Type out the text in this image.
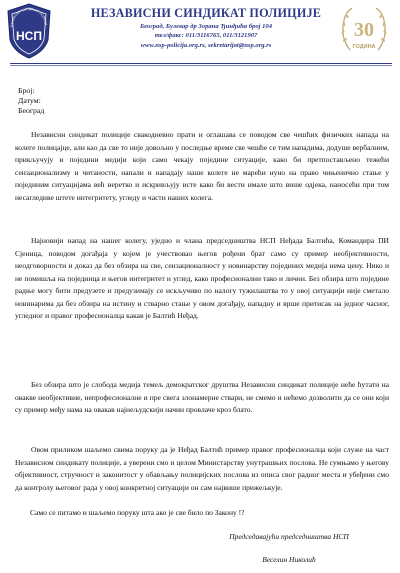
ЕЗАВИСНИ СИНДИКАТ ПОЛИЦИ
НСП
НЕЗАВИСНИ СИНДИКАТ ПОЛИЦИЈЕ
Београд, Булевар др Зорана Ђинђића број 104
тел/факс: 011/3116765, 011/3121907
www.nsp-policija.org.rs, sekretarijat@nsp.org.rs
30
ГОДИНА
Број:
Датум:
Београд

Независни синдикат полиције свакодневно прати и оглашава се поводом све чешћих физичких напада на колеге полицајце, али као да све то није довољно у последње време све чешће се тим нападима, додуше вербалним, прикључују и поједини медији који само чекају поједине ситуације, како би претпостављено тежећи сензационализму и читаности, напали и нападају наше колеге не марећи нуно на право чињенично стање у појединим ситуацијама већ неретко и искривљују исте како би вести имале што више одјека, наносећи при том несагледиве штете интегритету, угледу и части наших колега.

Најновији напад на нашег колегу, уједно и члана председништва НСП Неђада Балтића, Командира ПИ Сјеница, поводом догађаја у којем је учествовао његов рођени брат само су пример необјективности, неодговорности и доказ да без обзира на све, сензационалност у новинарству појединих медија нема цену. Нико и не помишља на појединца и његов интегритет и углед, како професионални тако и лични. Без обзира што поједине радње могу бити предузете и предузимају се искључиво по налогу тужилаштва то у овој ситуацији није сметало новинарима да без обзира на истину и стварно стање у овом догађају, нападну и врше притисак на једног часног, угледног и правог професионалца какав је Балтић Неђад.

Без обзира што је слобода медија темељ демократског друштва Независни синдикат полиције неће ћутати на овакве необјективне, непрофесионалне и пре свега злонамерне ствари, не смемо и нећемо дозволити да се они који су пример међу нама на овакав најнељудскији начин провлаче кроз блато.

Овом приликом шаљемо свима поруку да је Неђад Балтић пример правог професионалца који служе на част Независном синдикату полиције, а уверени смо и целом Министарству унутрашњих послова. Не сумњамо у његову објективност, стручност и законитост у обављању полицијских послова из описа свог радног места и убеђени смо да контролу његовог рада у овој конкретној ситуацији он сам највише прижељкује.

Само се питамо и шаљемо поруку шта ако је све било по Закону !?
Председавајући председништва НСП
Веселин Николић
